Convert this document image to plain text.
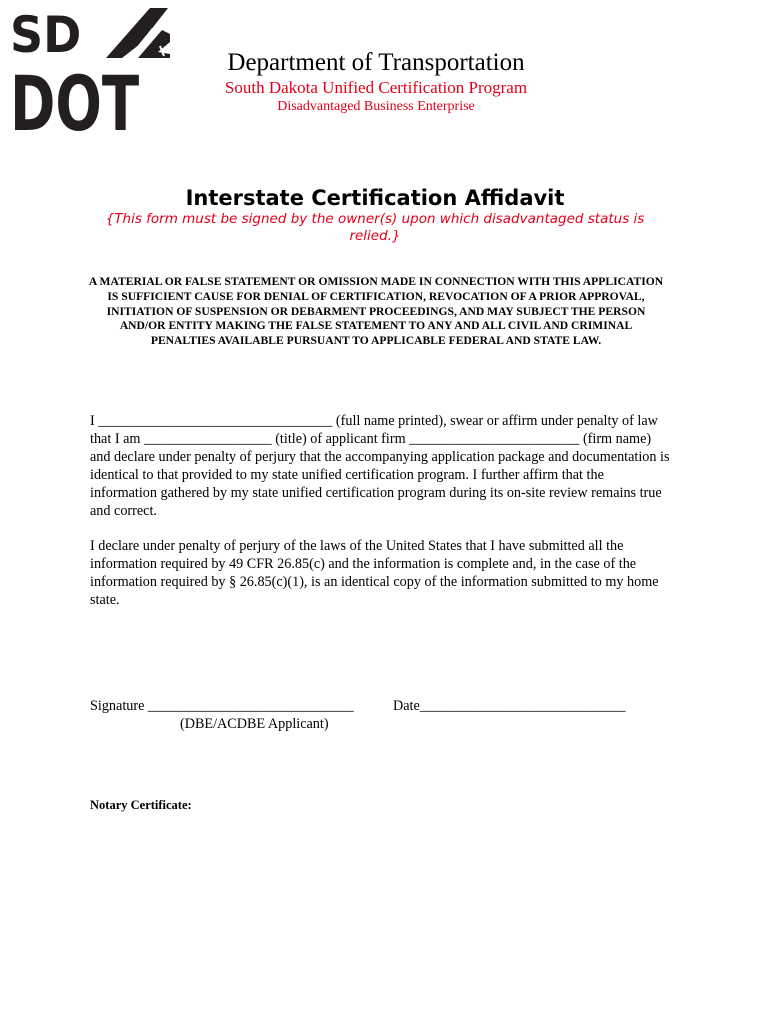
SD
DOT	Department of Transportation
South Dakota Unified Certification Program
Disadvantaged Business Enterprise
Interstate Certification Affidavit
{This form must be signed by the owner(s) upon which disadvantaged status is relied.}
A MATERIAL OR FALSE STATEMENT OR OMISSION MADE IN CONNECTION WITH THIS APPLICATION IS SUFFICIENT CAUSE FOR DENIAL OF CERTIFICATION, REVOCATION OF A PRIOR APPROVAL, INITIATION OF SUSPENSION OR DEBARMENT PROCEEDINGS, AND MAY SUBJECT THE PERSON AND/OR ENTITY MAKING THE FALSE STATEMENT TO ANY AND ALL CIVIL AND CRIMINAL PENALTIES AVAILABLE PURSUANT TO APPLICABLE FEDERAL AND STATE LAW.
I _________________________________ (full name printed), swear or affirm under penalty of law that I am __________________ (title) of applicant firm ________________________ (firm name) and declare under penalty of perjury that the accompanying application package and documentation is identical to that provided to my state unified certification program. I further affirm that the information gathered by my state unified certification program during its on-site review remains true and correct.
I declare under penalty of perjury of the laws of the United States that I have submitted all the information required by 49 CFR 26.85(c) and the information is complete and, in the case of the information required by § 26.85(c)(1), is an identical copy of the information submitted to my home state.
Signature _____________________________	Date_____________________________
(DBE/ACDBE Applicant)
Notary Certificate:
